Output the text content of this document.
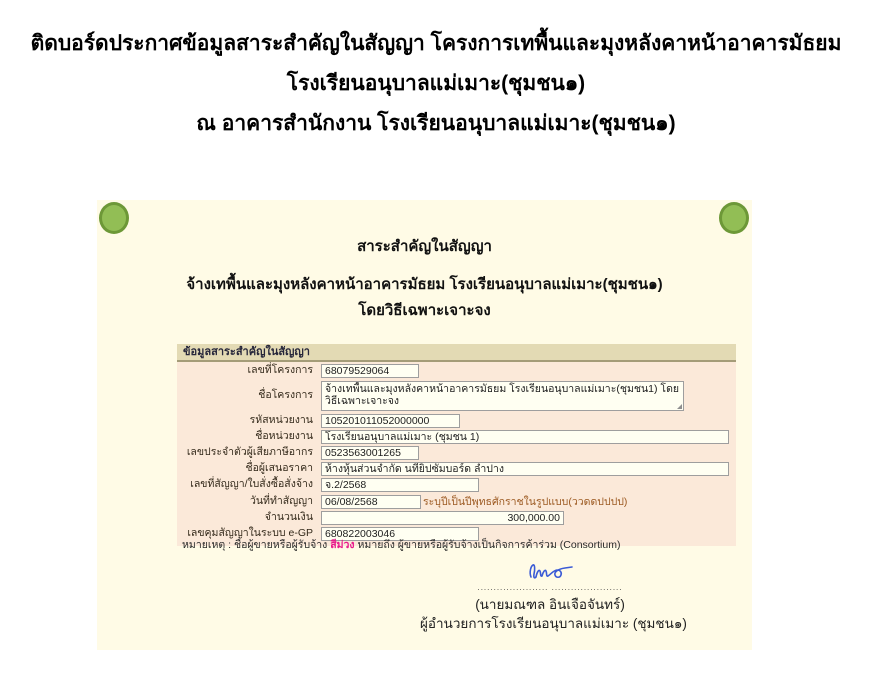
ติดบอร์ดประกาศข้อมูลสาระสำคัญในสัญญา โครงการเทพื้นและมุงหลังคาหน้าอาคารมัธยม
โรงเรียนอนุบาลแม่เมาะ(ชุมชน๑)
ณ อาคารสำนักงาน โรงเรียนอนุบาลแม่เมาะ(ชุมชน๑)
สาระสำคัญในสัญญา
จ้างเทพื้นและมุงหลังคาหน้าอาคารมัธยม โรงเรียนอนุบาลแม่เมาะ(ชุมชน๑)
โดยวิธีเฉพาะเจาะจง
ข้อมูลสาระสำคัญในสัญญา
เลขที่โครงการ	68079529064
ชื่อโครงการ	จ้างเทพื้นและมุงหลังคาหน้าอาคารมัธยม โรงเรียนอนุบาลแม่เมาะ(ชุมชน1) โดยวิธีเฉพาะเจาะจง
รหัสหน่วยงาน	105201011052000000
ชื่อหน่วยงาน	โรงเรียนอนุบาลแม่เมาะ (ชุมชน 1)
เลขประจำตัวผู้เสียภาษีอากร	0523563001265
ชื่อผู้เสนอราคา	ห้างหุ้นส่วนจำกัด นทียิปซั่มบอร์ด ลำปาง
เลขที่สัญญา/ใบสั่งซื้อสั่งจ้าง	จ.2/2568
วันที่ทำสัญญา	06/08/2568	ระบุปีเป็นปีพุทธศักราชในรูปแบบ(ววดดปปปป)
จำนวนเงิน	300,000.00
เลขคุมสัญญาในระบบ e-GP	680822003046
หมายเหตุ : ชื่อผู้ขายหรือผู้รับจ้าง สีม่วง หมายถึง ผู้ขายหรือผู้รับจ้างเป็นกิจการค้าร่วม (Consortium)
...................... ......................
(นายมณฑล อินเจือจันทร์)
ผู้อำนวยการโรงเรียนอนุบาลแม่เมาะ (ชุมชน๑)
